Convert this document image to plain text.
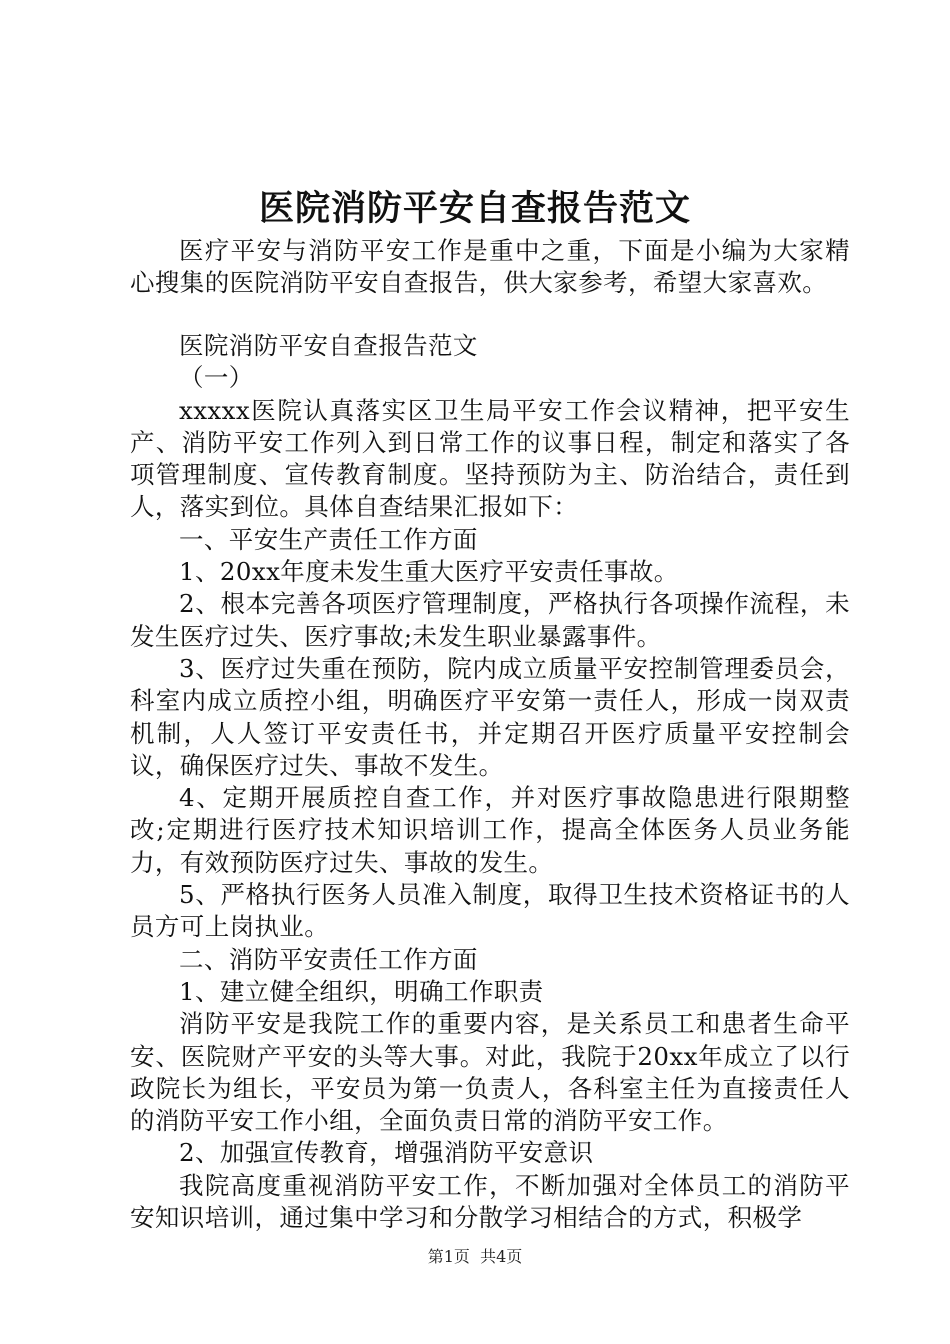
医院消防平安自查报告范文

医疗平安与消防平安工作是重中之重，下面是小编为大家精心搜集的医院消防平安自查报告，供大家参考，希望大家喜欢。

医院消防平安自查报告范文

（一）

xxxxx医院认真落实区卫生局平安工作会议精神，把平安生产、消防平安工作列入到日常工作的议事日程，制定和落实了各项管理制度、宣传教育制度。坚持预防为主、防治结合，责任到人，落实到位。具体自查结果汇报如下：

一、平安生产责任工作方面

1、20xx年度未发生重大医疗平安责任事故。

2、根本完善各项医疗管理制度，严格执行各项操作流程，未发生医疗过失、医疗事故;未发生职业暴露事件。

3、医疗过失重在预防，院内成立质量平安控制管理委员会，科室内成立质控小组，明确医疗平安第一责任人，形成一岗双责机制，人人签订平安责任书，并定期召开医疗质量平安控制会议，确保医疗过失、事故不发生。

4、定期开展质控自查工作，并对医疗事故隐患进行限期整改;定期进行医疗技术知识培训工作，提高全体医务人员业务能力，有效预防医疗过失、事故的发生。

5、严格执行医务人员准入制度，取得卫生技术资格证书的人员方可上岗执业。

二、消防平安责任工作方面

1、建立健全组织，明确工作职责

消防平安是我院工作的重要内容，是关系员工和患者生命平安、医院财产平安的头等大事。对此，我院于20xx年成立了以行政院长为组长，平安员为第一负责人，各科室主任为直接责任人的消防平安工作小组，全面负责日常的消防平安工作。

2、加强宣传教育，增强消防平安意识

我院高度重视消防平安工作，不断加强对全体员工的消防平安知识培训，通过集中学习和分散学习相结合的方式，积极学

第1页  共4页
